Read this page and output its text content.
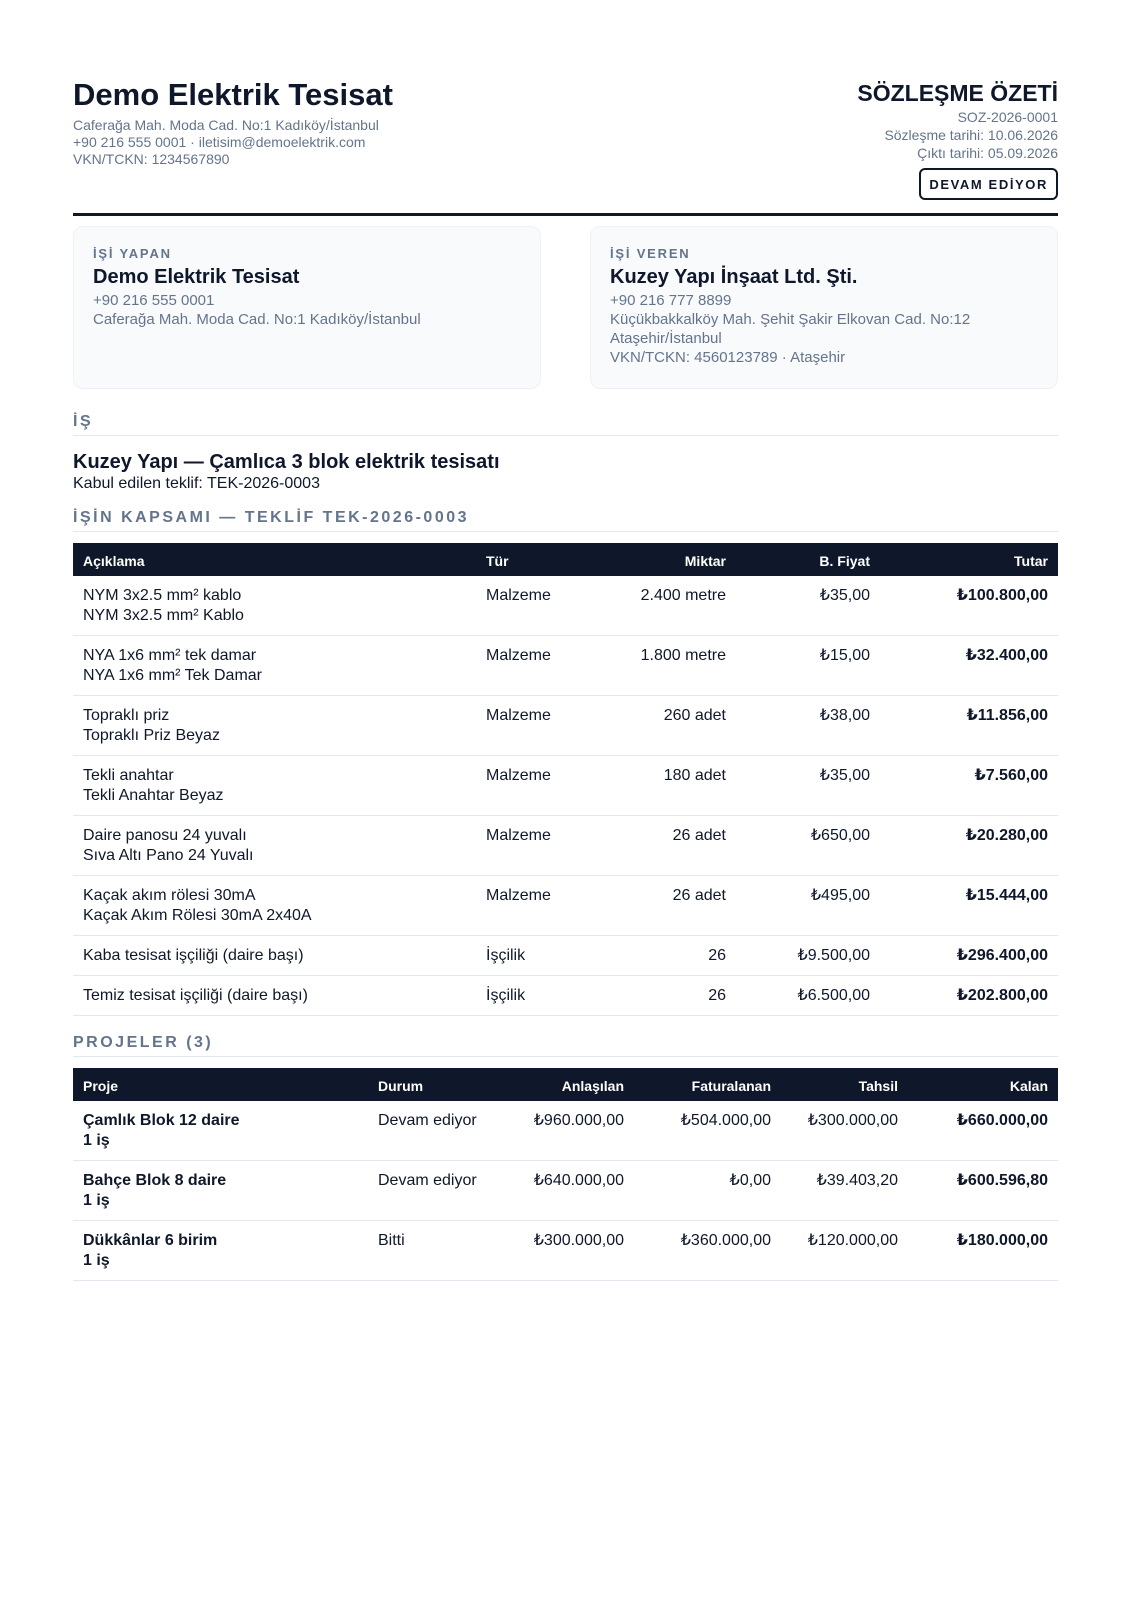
Demo Elektrik Tesisat
Caferağa Mah. Moda Cad. No:1 Kadıköy/İstanbul
+90 216 555 0001 · iletisim@demoelektrik.com
VKN/TCKN: 1234567890
SÖZLEŞME ÖZETİ
SOZ-2026-0001
Sözleşme tarihi: 10.06.2026
Çıktı tarihi: 05.09.2026
DEVAM EDİYOR
İŞİ YAPAN
Demo Elektrik Tesisat
+90 216 555 0001
Caferağa Mah. Moda Cad. No:1 Kadıköy/İstanbul
İŞİ VEREN
Kuzey Yapı İnşaat Ltd. Şti.
+90 216 777 8899
Küçükbakkalköy Mah. Şehit Şakir Elkovan Cad. No:12
Ataşehir/İstanbul
VKN/TCKN: 4560123789 · Ataşehir
İŞ
Kuzey Yapı — Çamlıca 3 blok elektrik tesisatı
Kabul edilen teklif: TEK-2026-0003
İŞİN KAPSAMI — TEKLİF TEK-2026-0003
Açıklama	Tür	Miktar	B. Fiyat	Tutar

NYM 3x2.5 mm² kablo
NYM 3x2.5 mm² Kablo	Malzeme	2.400 metre	₺35,00	₺100.800,00

NYA 1x6 mm² tek damar
NYA 1x6 mm² Tek Damar	Malzeme	1.800 metre	₺15,00	₺32.400,00

Topraklı priz
Topraklı Priz Beyaz	Malzeme	260 adet	₺38,00	₺11.856,00

Tekli anahtar
Tekli Anahtar Beyaz	Malzeme	180 adet	₺35,00	₺7.560,00

Daire panosu 24 yuvalı
Sıva Altı Pano 24 Yuvalı	Malzeme	26 adet	₺650,00	₺20.280,00

Kaçak akım rölesi 30mA
Kaçak Akım Rölesi 30mA 2x40A	Malzeme	26 adet	₺495,00	₺15.444,00

Kaba tesisat işçiliği (daire başı)	İşçilik	26	₺9.500,00	₺296.400,00

Temiz tesisat işçiliği (daire başı)	İşçilik	26	₺6.500,00	₺202.800,00
PROJELER (3)
Proje	Durum	Anlaşılan	Faturalanan	Tahsil	Kalan

Çamlık Blok 12 daire
1 iş	Devam ediyor	₺960.000,00	₺504.000,00	₺300.000,00	₺660.000,00

Bahçe Blok 8 daire
1 iş	Devam ediyor	₺640.000,00	₺0,00	₺39.403,20	₺600.596,80

Dükkânlar 6 birim
1 iş	Bitti	₺300.000,00	₺360.000,00	₺120.000,00	₺180.000,00
